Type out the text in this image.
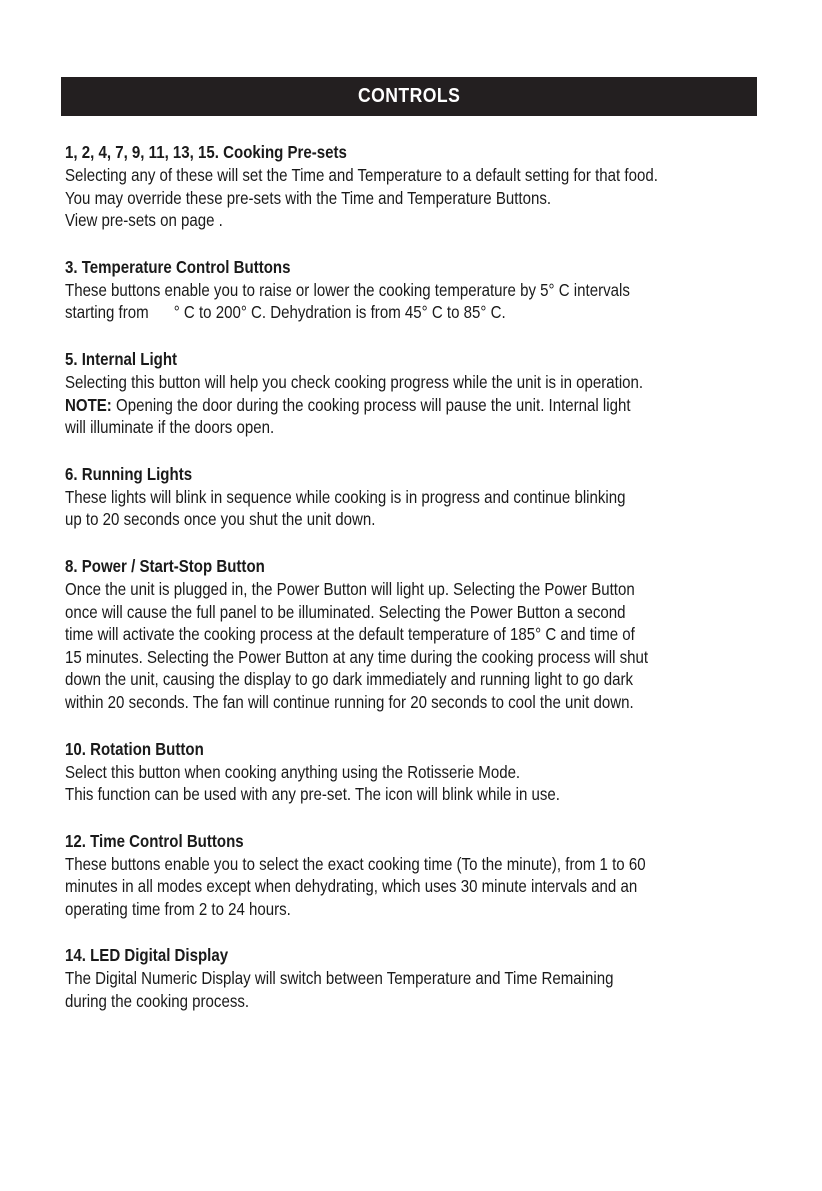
CONTROLS
1, 2, 4, 7, 9, 11, 13, 15. Cooking Pre-sets
Selecting any of these will set the Time and Temperature to a default setting for that food.
You may override these pre-sets with the Time and Temperature Buttons.
View pre-sets on page .
3. Temperature Control Buttons
These buttons enable you to raise or lower the cooking temperature by 5° C intervals
starting from      ° C to 200° C. Dehydration is from 45° C to 85° C.
5. Internal Light
Selecting this button will help you check cooking progress while the unit is in operation.
NOTE: Opening the door during the cooking process will pause the unit. Internal light
will illuminate if the doors open.
6. Running Lights
These lights will blink in sequence while cooking is in progress and continue blinking
up to 20 seconds once you shut the unit down.
8. Power / Start-Stop Button
Once the unit is plugged in, the Power Button will light up. Selecting the Power Button
once will cause the full panel to be illuminated. Selecting the Power Button a second
time will activate the cooking process at the default temperature of 185° C and time of
15 minutes. Selecting the Power Button at any time during the cooking process will shut
down the unit, causing the display to go dark immediately and running light to go dark
within 20 seconds. The fan will continue running for 20 seconds to cool the unit down.
10. Rotation Button
Select this button when cooking anything using the Rotisserie Mode.
This function can be used with any pre-set. The icon will blink while in use.
12. Time Control Buttons
These buttons enable you to select the exact cooking time (To the minute), from 1 to 60
minutes in all modes except when dehydrating, which uses 30 minute intervals and an
operating time from 2 to 24 hours.
14. LED Digital Display
The Digital Numeric Display will switch between Temperature and Time Remaining
during the cooking process.
